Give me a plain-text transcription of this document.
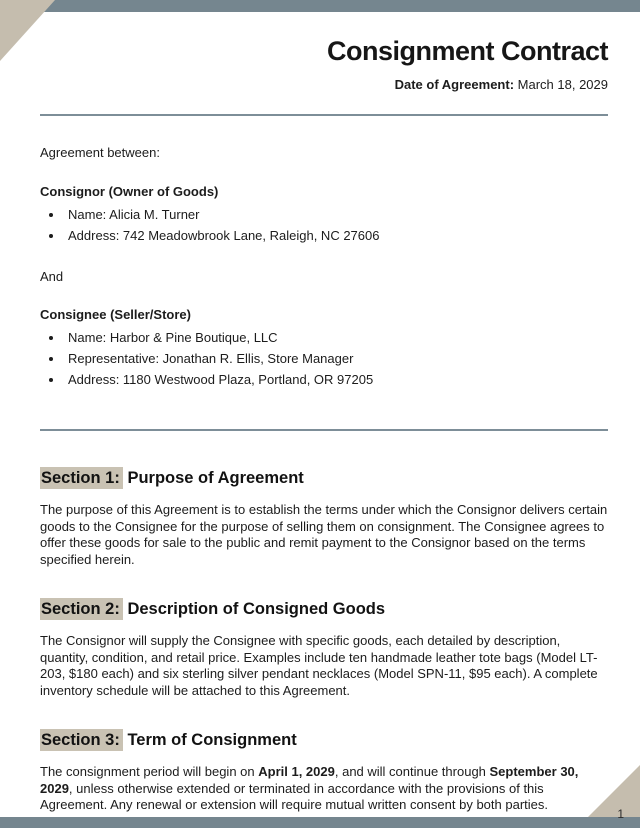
Consignment Contract
Date of Agreement: March 18, 2029
Agreement between:
Consignor (Owner of Goods)
• Name: Alicia M. Turner
• Address: 742 Meadowbrook Lane, Raleigh, NC 27606
And
Consignee (Seller/Store)
• Name: Harbor & Pine Boutique, LLC
• Representative: Jonathan R. Ellis, Store Manager
• Address: 1180 Westwood Plaza, Portland, OR 97205
Section 1: Purpose of Agreement

The purpose of this Agreement is to establish the terms under which the Consignor delivers certain goods to the Consignee for the purpose of selling them on consignment. The Consignee agrees to offer these goods for sale to the public and remit payment to the Consignor based on the terms specified herein.

Section 2: Description of Consigned Goods

The Consignor will supply the Consignee with specific goods, each detailed by description, quantity, condition, and retail price. Examples include ten handmade leather tote bags (Model LT-203, $180 each) and six sterling silver pendant necklaces (Model SPN-11, $95 each). A complete inventory schedule will be attached to this Agreement.

Section 3: Term of Consignment

The consignment period will begin on April 1, 2029, and will continue through September 30, 2029, unless otherwise extended or terminated in accordance with the provisions of this Agreement. Any renewal or extension will require mutual written consent by both parties.

1
